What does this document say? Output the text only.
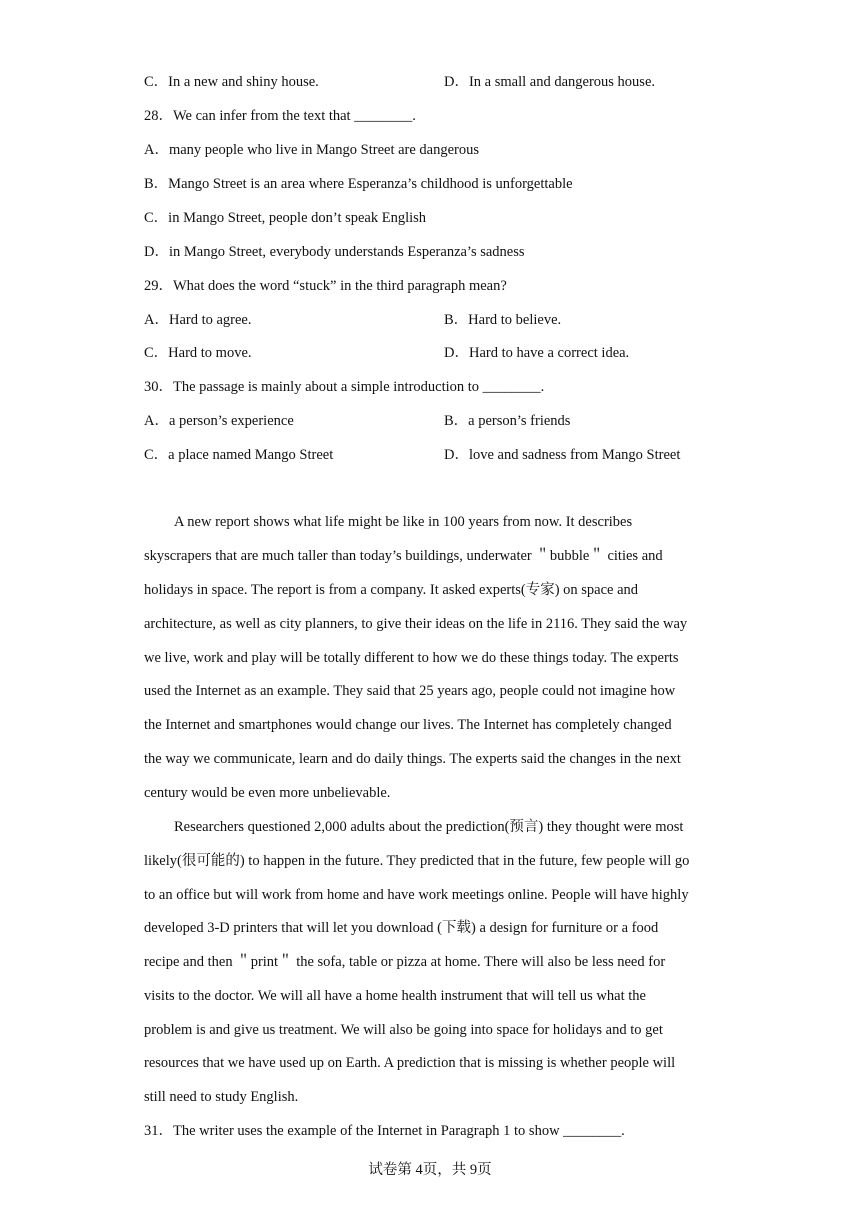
C．In a new and shiny house.	D．In a small and dangerous house.
28．We can infer from the text that ________.
A．many people who live in Mango Street are dangerous
B．Mango Street is an area where Esperanza’s childhood is unforgettable
C．in Mango Street, people don’t speak English
D．in Mango Street, everybody understands Esperanza’s sadness
29．What does the word “stuck” in the third paragraph mean?
A．Hard to agree.	B．Hard to believe.
C．Hard to move.	D．Hard to have a correct idea.
30．The passage is mainly about a simple introduction to ________.
A．a person’s experience	B．a person’s friends
C．a place named Mango Street	D．love and sadness from Mango Street
A new report shows what life might be like in 100 years from now. It describes
skyscrapers that are much taller than today’s buildings, underwater ＂bubble＂ cities and
holidays in space. The report is from a company. It asked experts(专家) on space and
architecture, as well as city planners, to give their ideas on the life in 2116. They said the way
we live, work and play will be totally different to how we do these things today. The experts
used the Internet as an example. They said that 25 years ago, people could not imagine how
the Internet and smartphones would change our lives. The Internet has completely changed
the way we communicate, learn and do daily things. The experts said the changes in the next
century would be even more unbelievable.
Researchers questioned 2,000 adults about the prediction(预言) they thought were most
likely(很可能的) to happen in the future. They predicted that in the future, few people will go
to an office but will work from home and have work meetings online. People will have highly
developed 3-D printers that will let you download (下载) a design for furniture or a food
recipe and then ＂print＂ the sofa, table or pizza at home. There will also be less need for
visits to the doctor. We will all have a home health instrument that will tell us what the
problem is and give us treatment. We will also be going into space for holidays and to get
resources that we have used up on Earth. A prediction that is missing is whether people will
still need to study English.
31．The writer uses the example of the Internet in Paragraph 1 to show ________.
试卷第 4页，共 9页
